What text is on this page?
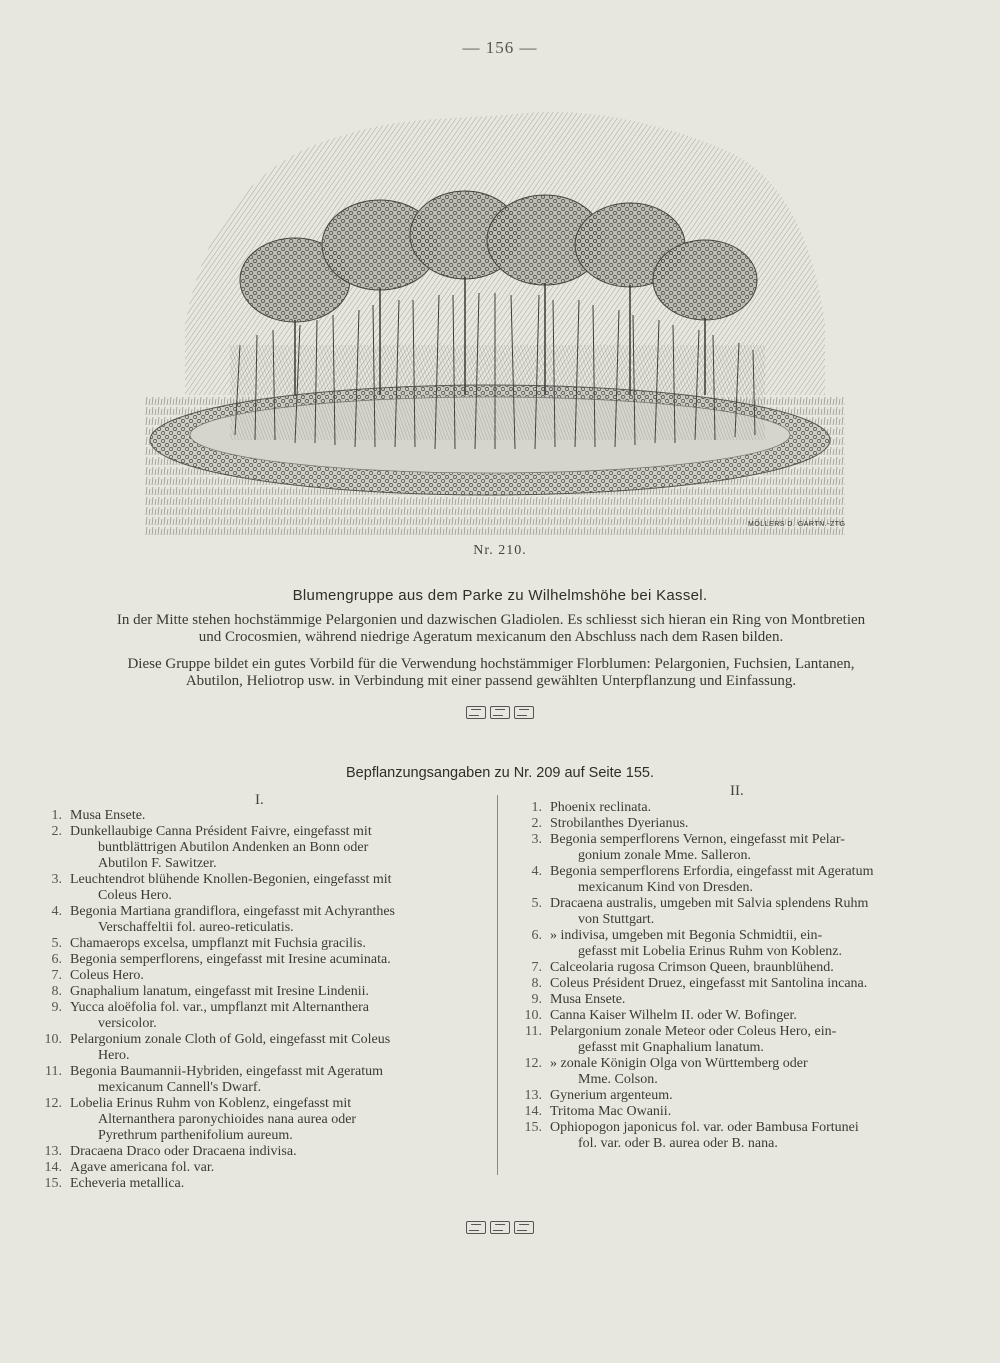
— 156 —
MÖLLERS D. GARTN.-ZTG
Nr. 210.
Blumengruppe aus dem Parke zu Wilhelmshöhe bei Kassel.
In der Mitte stehen hochstämmige Pelargonien und dazwischen Gladiolen. Es schliesst sich hieran ein Ring von Montbretien
und Crocosmien, während niedrige Ageratum mexicanum den Abschluss nach dem Rasen bilden.
Diese Gruppe bildet ein gutes Vorbild für die Verwendung hochstämmiger Florblumen: Pelargonien, Fuchsien, Lantanen,
Abutilon, Heliotrop usw. in Verbindung mit einer passend gewählten Unterpflanzung und Einfassung.
Bepflanzungsangaben zu Nr. 209 auf Seite 155.
I.
II.
1. Musa Ensete.
2. Dunkellaubige Canna Président Faivre, eingefasst mit
buntblättrigen Abutilon Andenken an Bonn oder
Abutilon F. Sawitzer.
3. Leuchtendrot blühende Knollen-Begonien, eingefasst mit
Coleus Hero.
4. Begonia Martiana grandiflora, eingefasst mit Achyranthes
Verschaffeltii fol. aureo-reticulatis.
5. Chamaerops excelsa, umpflanzt mit Fuchsia gracilis.
6. Begonia semperflorens, eingefasst mit Iresine acuminata.
7. Coleus Hero.
8. Gnaphalium lanatum, eingefasst mit Iresine Lindenii.
9. Yucca aloëfolia fol. var., umpflanzt mit Alternanthera
versicolor.
10. Pelargonium zonale Cloth of Gold, eingefasst mit Coleus
Hero.
11. Begonia Baumannii-Hybriden, eingefasst mit Ageratum
mexicanum Cannell's Dwarf.
12. Lobelia Erinus Ruhm von Koblenz, eingefasst mit
Alternanthera paronychioides nana aurea oder
Pyrethrum parthenifolium aureum.
13. Dracaena Draco oder Dracaena indivisa.
14. Agave americana fol. var.
15. Echeveria metallica.
1. Phoenix reclinata.
2. Strobilanthes Dyerianus.
3. Begonia semperflorens Vernon, eingefasst mit Pelar-
gonium zonale Mme. Salleron.
4. Begonia semperflorens Erfordia, eingefasst mit Ageratum
mexicanum Kind von Dresden.
5. Dracaena australis, umgeben mit Salvia splendens Ruhm
von Stuttgart.
6. » indivisa, umgeben mit Begonia Schmidtii, ein-
gefasst mit Lobelia Erinus Ruhm von Koblenz.
7. Calceolaria rugosa Crimson Queen, braunblühend.
8. Coleus Président Druez, eingefasst mit Santolina incana.
9. Musa Ensete.
10. Canna Kaiser Wilhelm II. oder W. Bofinger.
11. Pelargonium zonale Meteor oder Coleus Hero, ein-
gefasst mit Gnaphalium lanatum.
12. » zonale Königin Olga von Württemberg oder
Mme. Colson.
13. Gynerium argenteum.
14. Tritoma Mac Owanii.
15. Ophiopogon japonicus fol. var. oder Bambusa Fortunei
fol. var. oder B. aurea oder B. nana.
